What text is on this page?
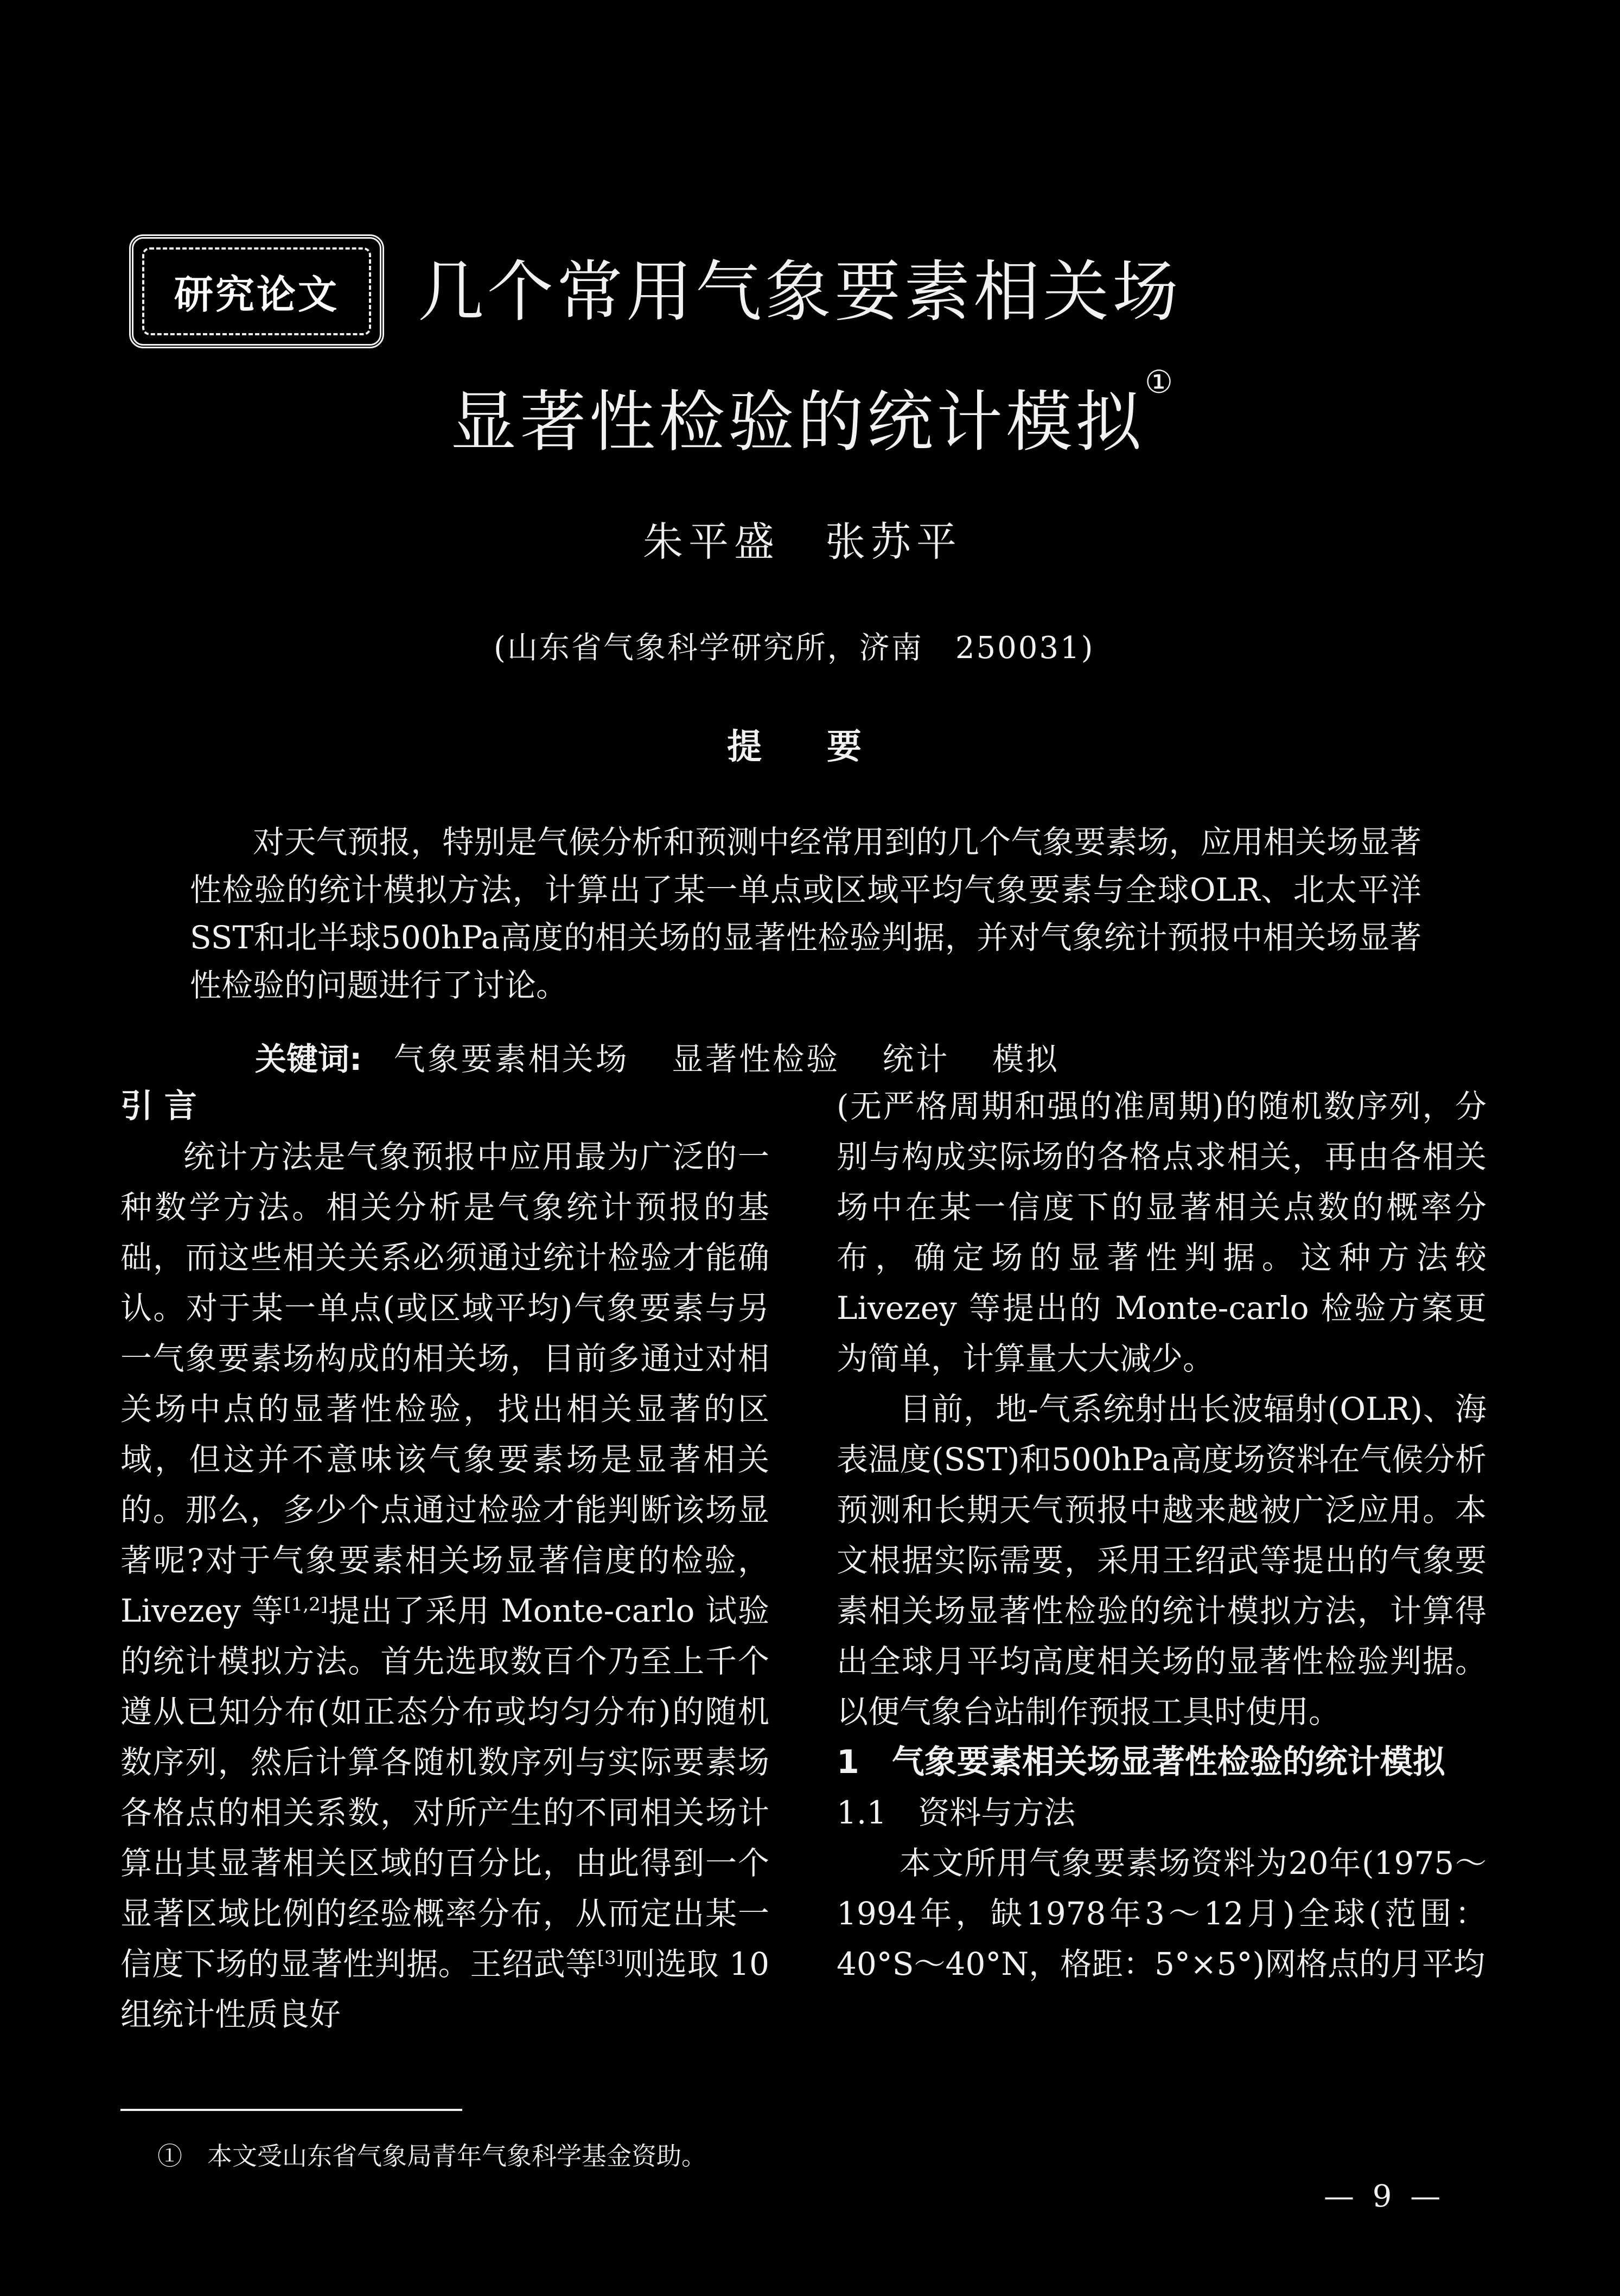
研究论文 几个常用气象要素相关场
显著性检验的统计模拟①
朱平盛　张苏平
(山东省气象科学研究所，济南　250031)
提要
对天气预报，特别是气候分析和预测中经常用到的几个气象要素场，应用相关场显著性检验的统计模拟方法，计算出了某一单点或区域平均气象要素与全球OLR、北太平洋SST和北半球500hPa高度的相关场的显著性检验判据，并对气象统计预报中相关场显著性检验的问题进行了讨论。
关键词: 气象要素相关场 显著性检验 统计 模拟
引 言

统计方法是气象预报中应用最为广泛的一种数学方法。相关分析是气象统计预报的基础，而这些相关关系必须通过统计检验才能确认。对于某一单点(或区域平均)气象要素与另一气象要素场构成的相关场，目前多通过对相关场中点的显著性检验，找出相关显著的区域，但这并不意味该气象要素场是显著相关的。那么，多少个点通过检验才能判断该场显著呢?对于气象要素相关场显著信度的检验，Livezey 等[1,2]提出了采用 Monte-carlo 试验的统计模拟方法。首先选取数百个乃至上千个遵从已知分布(如正态分布或均匀分布)的随机数序列，然后计算各随机数序列与实际要素场各格点的相关系数，对所产生的不同相关场计算出其显著相关区域的百分比，由此得到一个显著区域比例的经验概率分布，从而定出某一信度下场的显著性判据。王绍武等[3]则选取 10 组统计性质良好

(无严格周期和强的准周期)的随机数序列，分别与构成实际场的各格点求相关，再由各相关场中在某一信度下的显著相关点数的概率分布，确定场的显著性判据。这种方法较 Livezey 等提出的 Monte-carlo 检验方案更为简单，计算量大大减少。

目前，地-气系统射出长波辐射(OLR)、海表温度(SST)和500hPa高度场资料在气候分析预测和长期天气预报中越来越被广泛应用。本文根据实际需要，采用王绍武等提出的气象要素相关场显著性检验的统计模拟方法，计算得出全球月平均高度相关场的显著性检验判据。以便气象台站制作预报工具时使用。

1　气象要素相关场显著性检验的统计模拟
1.1　资料与方法

本文所用气象要素场资料为20年(1975～1994年，缺1978年3～12月)全球(范围：40°S～40°N，格距：5°×5°)网格点的月平均

①　本文受山东省气象局青年气象科学基金资助。
— 9 —
